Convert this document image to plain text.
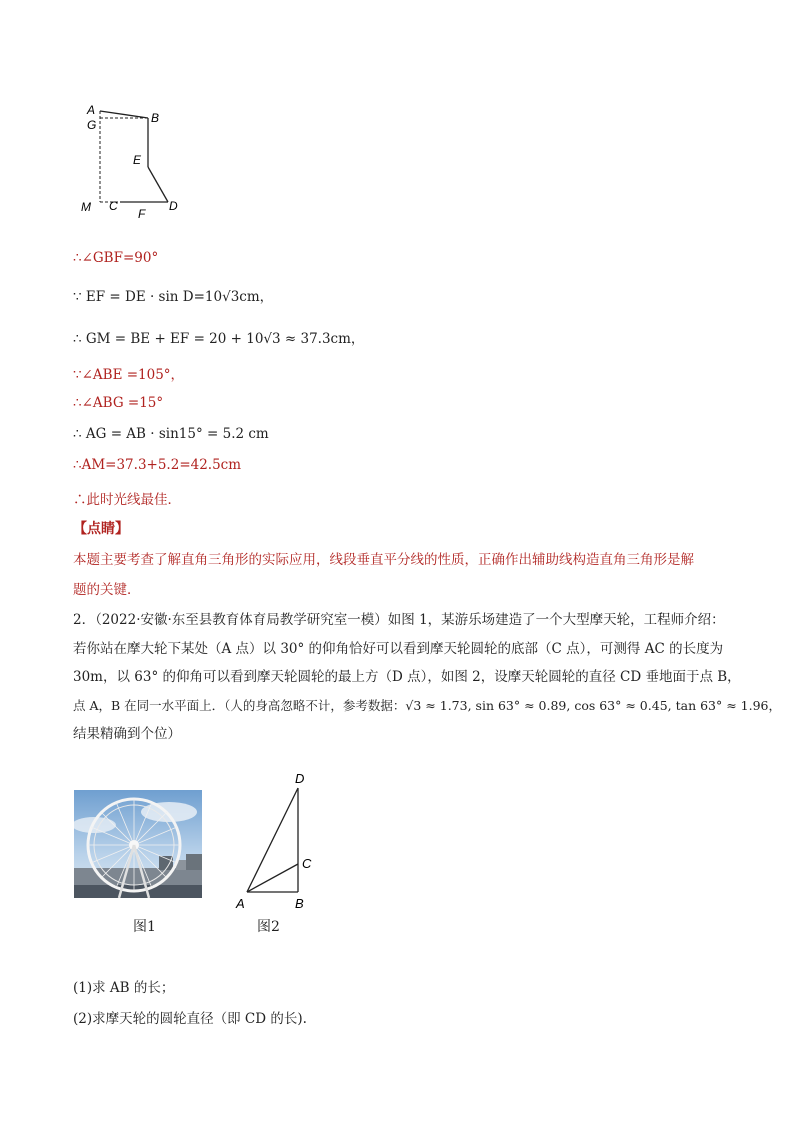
A
B
G
E
M C
F
D
∴∠GBF=90°
∵ EF = DE · sin D=10√3cm，
∴ GM = BE + EF = 20 + 10√3 ≈ 37.3cm，
∵∠ABE =105°，
∴∠ABG =15°
∴ AG = AB · sin15° = 5.2 cm
∴AM=37.3+5.2=42.5cm
∴此时光线最佳．
【点睛】
本题主要考查了解直角三角形的实际应用，线段垂直平分线的性质，正确作出辅助线构造直角三角形是解
题的关键．
2．（2022·安徽·东至县教育体育局教学研究室一模）如图 1，某游乐场建造了一个大型摩天轮，工程师介绍：
若你站在摩大轮下某处（A 点）以 30° 的仰角恰好可以看到摩天轮圆轮的底部（C 点），可测得 AC 的长度为
30m，以 63° 的仰角可以看到摩天轮圆轮的最上方（D 点），如图 2，设摩天轮圆轮的直径 CD 垂地面于点 B，
点 A，B 在同一水平面上．（人的身高忽略不计，参考数据：√3 ≈ 1.73, sin 63° ≈ 0.89, cos 63° ≈ 0.45, tan 63° ≈ 1.96，
结果精确到个位）
图1
D
C
A	B
图2
(1)求 AB 的长；
(2)求摩天轮的圆轮直径（即 CD 的长).
